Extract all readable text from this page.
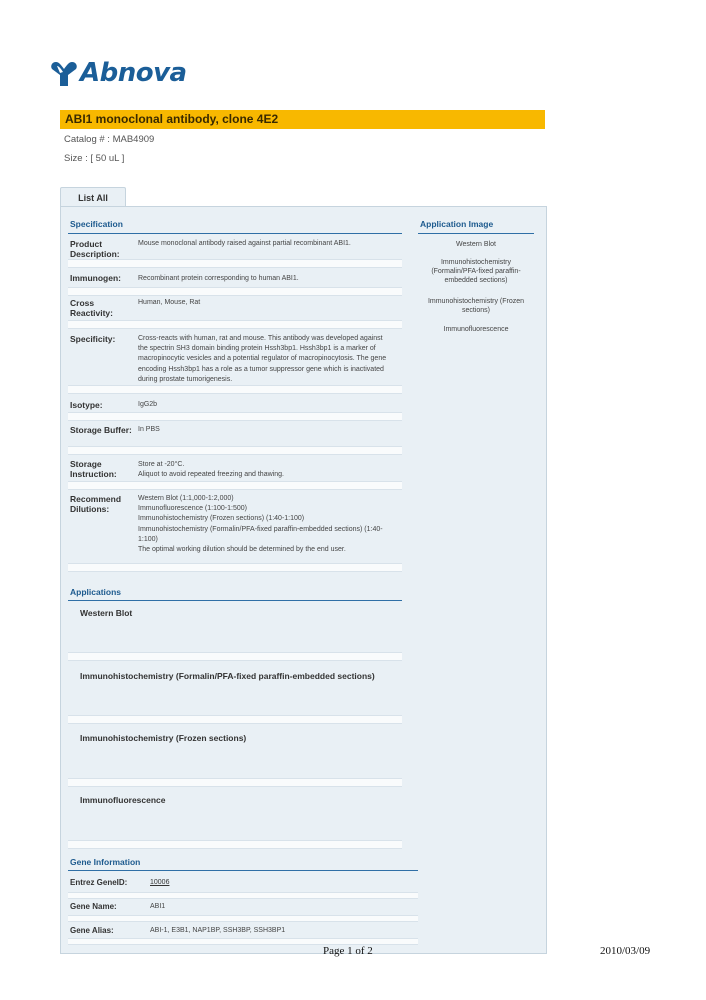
Abnova
ABI1 monoclonal antibody, clone 4E2
Catalog # : MAB4909
Size : [ 50 uL ]
List All
Specification
Product Description:
Mouse monoclonal antibody raised against partial recombinant ABI1.
Immunogen:	Recombinant protein corresponding to human ABI1.
Cross Reactivity:
Human, Mouse, Rat
Specificity:	Cross-reacts with human, rat and mouse. This antibody was developed against
the spectrin SH3 domain binding protein Hssh3bp1. Hssh3bp1 is a marker of
macropinocytic vesicles and a potential regulator of macropinocytosis. The gene
encoding Hssh3bp1 has a role as a tumor suppressor gene which is inactivated
during prostate tumorigenesis.
Isotype:	IgG2b
Storage Buffer: In PBS
Storage Instruction:
Store at -20°C.
Aliquot to avoid repeated freezing and thawing.
Recommend Dilutions:
Western Blot (1:1,000-1:2,000)
Immunofluorescence (1:100-1:500)
Immunohistochemistry (Frozen sections) (1:40-1:100)
Immunohistochemistry (Formalin/PFA-fixed paraffin-embedded sections) (1:40-
1:100)
The optimal working dilution should be determined by the end user.
Application Image
Western Blot
Immunohistochemistry (Formalin/PFA-fixed paraffin-embedded sections)
Immunohistochemistry (Frozen sections)
Immunofluorescence
Applications
Western Blot
Immunohistochemistry (Formalin/PFA-fixed paraffin-embedded sections)
Immunohistochemistry (Frozen sections)
Immunofluorescence
Gene Information
Entrez GeneID:	10006
Gene Name:	ABI1
Gene Alias:	ABI-1, E3B1, NAP1BP, SSH3BP, SSH3BP1
Page 1 of 2	2010/03/09
